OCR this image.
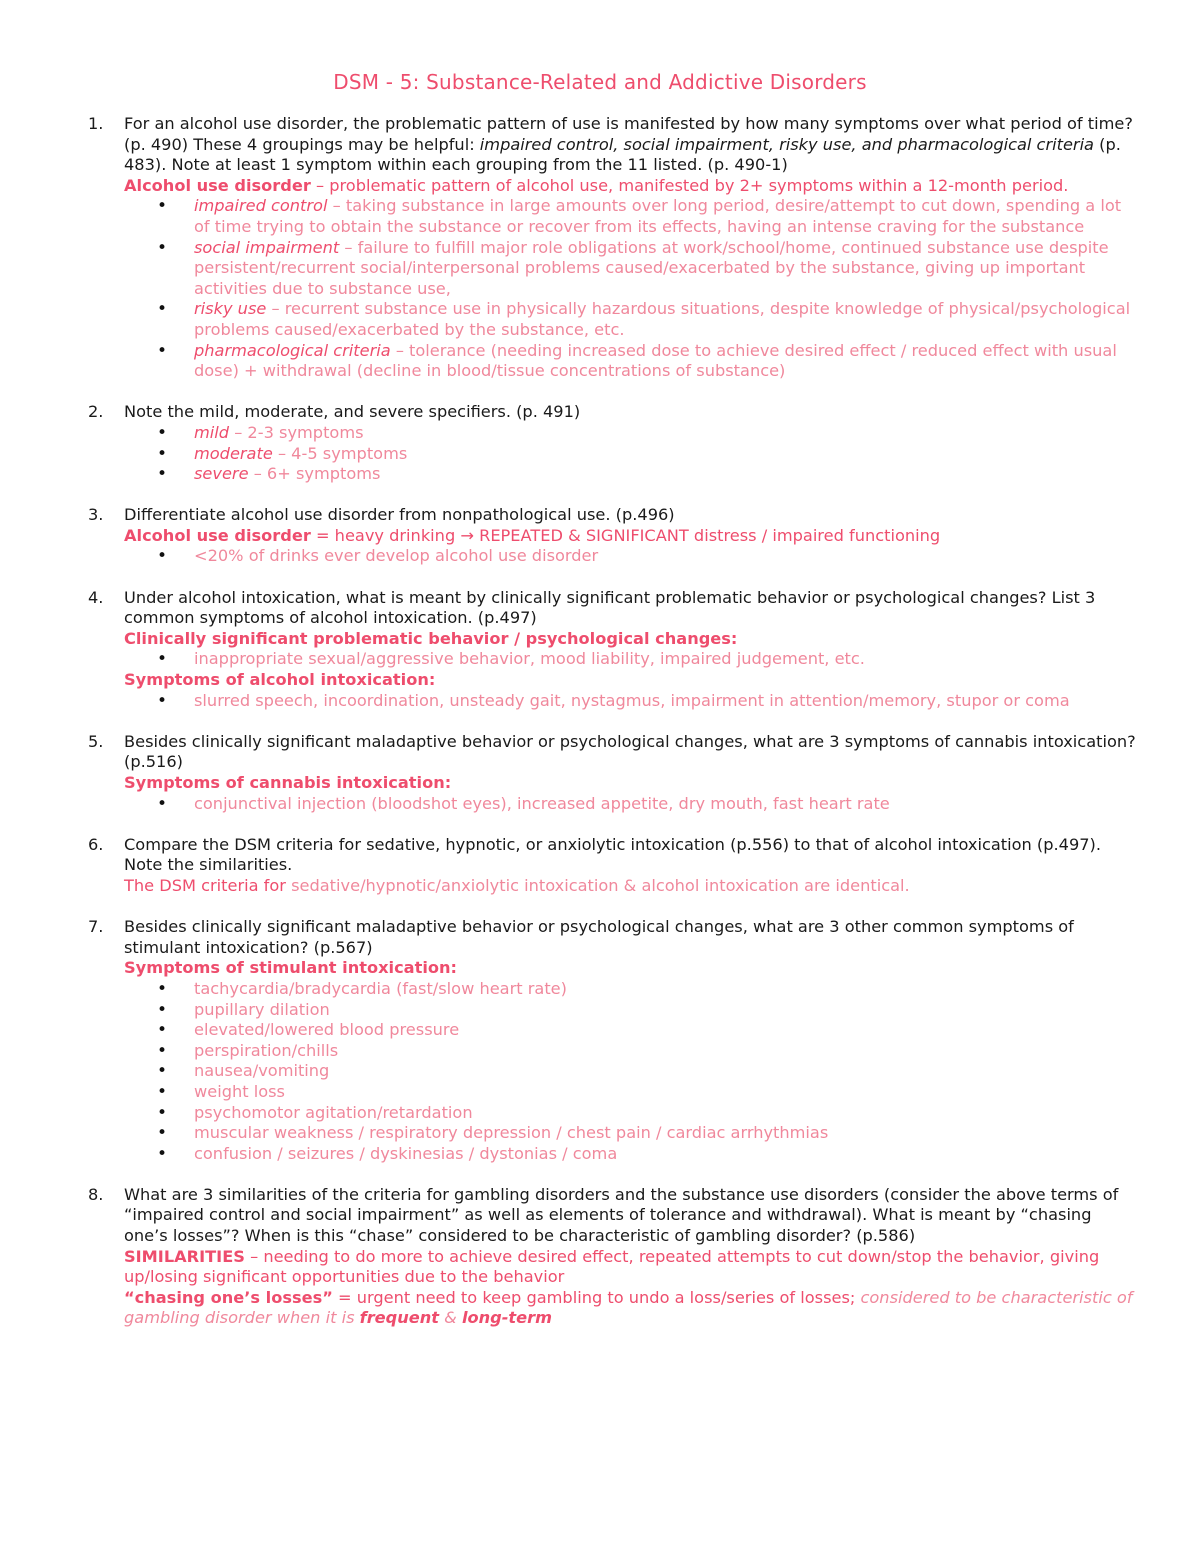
DSM - 5: Substance-Related and Addictive Disorders
1. For an alcohol use disorder, the problematic pattern of use is manifested by how many symptoms over what period of time? (p. 490) These 4 groupings may be helpful: impaired control, social impairment, risky use, and pharmacological criteria (p. 483). Note at least 1 symptom within each grouping from the 11 listed. (p. 490-1)
Alcohol use disorder – problematic pattern of alcohol use, manifested by 2+ symptoms within a 12-month period.
• impaired control – taking substance in large amounts over long period, desire/attempt to cut down, spending a lot of time trying to obtain the substance or recover from its effects, having an intense craving for the substance
• social impairment – failure to fulfill major role obligations at work/school/home, continued substance use despite persistent/recurrent social/interpersonal problems caused/exacerbated by the substance, giving up important activities due to substance use,
• risky use – recurrent substance use in physically hazardous situations, despite knowledge of physical/psychological problems caused/exacerbated by the substance, etc.
• pharmacological criteria – tolerance (needing increased dose to achieve desired effect / reduced effect with usual dose) + withdrawal (decline in blood/tissue concentrations of substance)
2. Note the mild, moderate, and severe specifiers. (p. 491)
• mild – 2-3 symptoms
• moderate – 4-5 symptoms
• severe – 6+ symptoms
3. Differentiate alcohol use disorder from nonpathological use. (p.496)
Alcohol use disorder = heavy drinking → REPEATED & SIGNIFICANT distress / impaired functioning
• <20% of drinks ever develop alcohol use disorder
4. Under alcohol intoxication, what is meant by clinically significant problematic behavior or psychological changes? List 3 common symptoms of alcohol intoxication. (p.497)
Clinically significant problematic behavior / psychological changes:
• inappropriate sexual/aggressive behavior, mood liability, impaired judgement, etc.
Symptoms of alcohol intoxication:
• slurred speech, incoordination, unsteady gait, nystagmus, impairment in attention/memory, stupor or coma
5. Besides clinically significant maladaptive behavior or psychological changes, what are 3 symptoms of cannabis intoxication? (p.516)
Symptoms of cannabis intoxication:
• conjunctival injection (bloodshot eyes), increased appetite, dry mouth, fast heart rate
6. Compare the DSM criteria for sedative, hypnotic, or anxiolytic intoxication (p.556) to that of alcohol intoxication (p.497). Note the similarities.
The DSM criteria for sedative/hypnotic/anxiolytic intoxication & alcohol intoxication are identical.
7. Besides clinically significant maladaptive behavior or psychological changes, what are 3 other common symptoms of stimulant intoxication? (p.567)
Symptoms of stimulant intoxication:
• tachycardia/bradycardia (fast/slow heart rate)
• pupillary dilation
• elevated/lowered blood pressure
• perspiration/chills
• nausea/vomiting
• weight loss
• psychomotor agitation/retardation
• muscular weakness / respiratory depression / chest pain / cardiac arrhythmias
• confusion / seizures / dyskinesias / dystonias / coma
8. What are 3 similarities of the criteria for gambling disorders and the substance use disorders (consider the above terms of “impaired control and social impairment” as well as elements of tolerance and withdrawal). What is meant by “chasing one’s losses”? When is this “chase” considered to be characteristic of gambling disorder? (p.586)
SIMILARITIES – needing to do more to achieve desired effect, repeated attempts to cut down/stop the behavior, giving up/losing significant opportunities due to the behavior
“chasing one’s losses” = urgent need to keep gambling to undo a loss/series of losses; considered to be characteristic of gambling disorder when it is frequent & long-term
